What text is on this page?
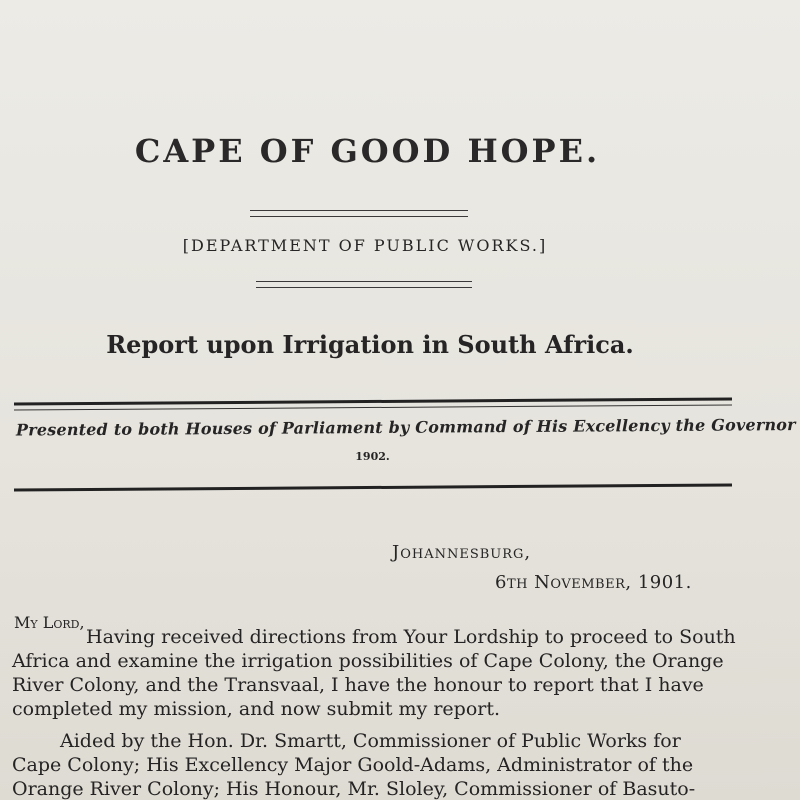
CAPE OF GOOD HOPE.
[DEPARTMENT OF PUBLIC WORKS.]
Report upon Irrigation in South Africa.
Presented to both Houses of Parliament by Command of His Excellency the Governor
1902.
Johannesburg,
6th November, 1901.
My Lord,
Having received directions from Your Lordship to proceed to South
Africa and examine the irrigation possibilities of Cape Colony, the Orange
River Colony, and the Transvaal, I have the honour to report that I have
completed my mission, and now submit my report.
Aided by the Hon. Dr. Smartt, Commissioner of Public Works for
Cape Colony; His Excellency Major Goold-Adams, Administrator of the
Orange River Colony; His Honour, Mr. Sloley, Commissioner of Basuto-
